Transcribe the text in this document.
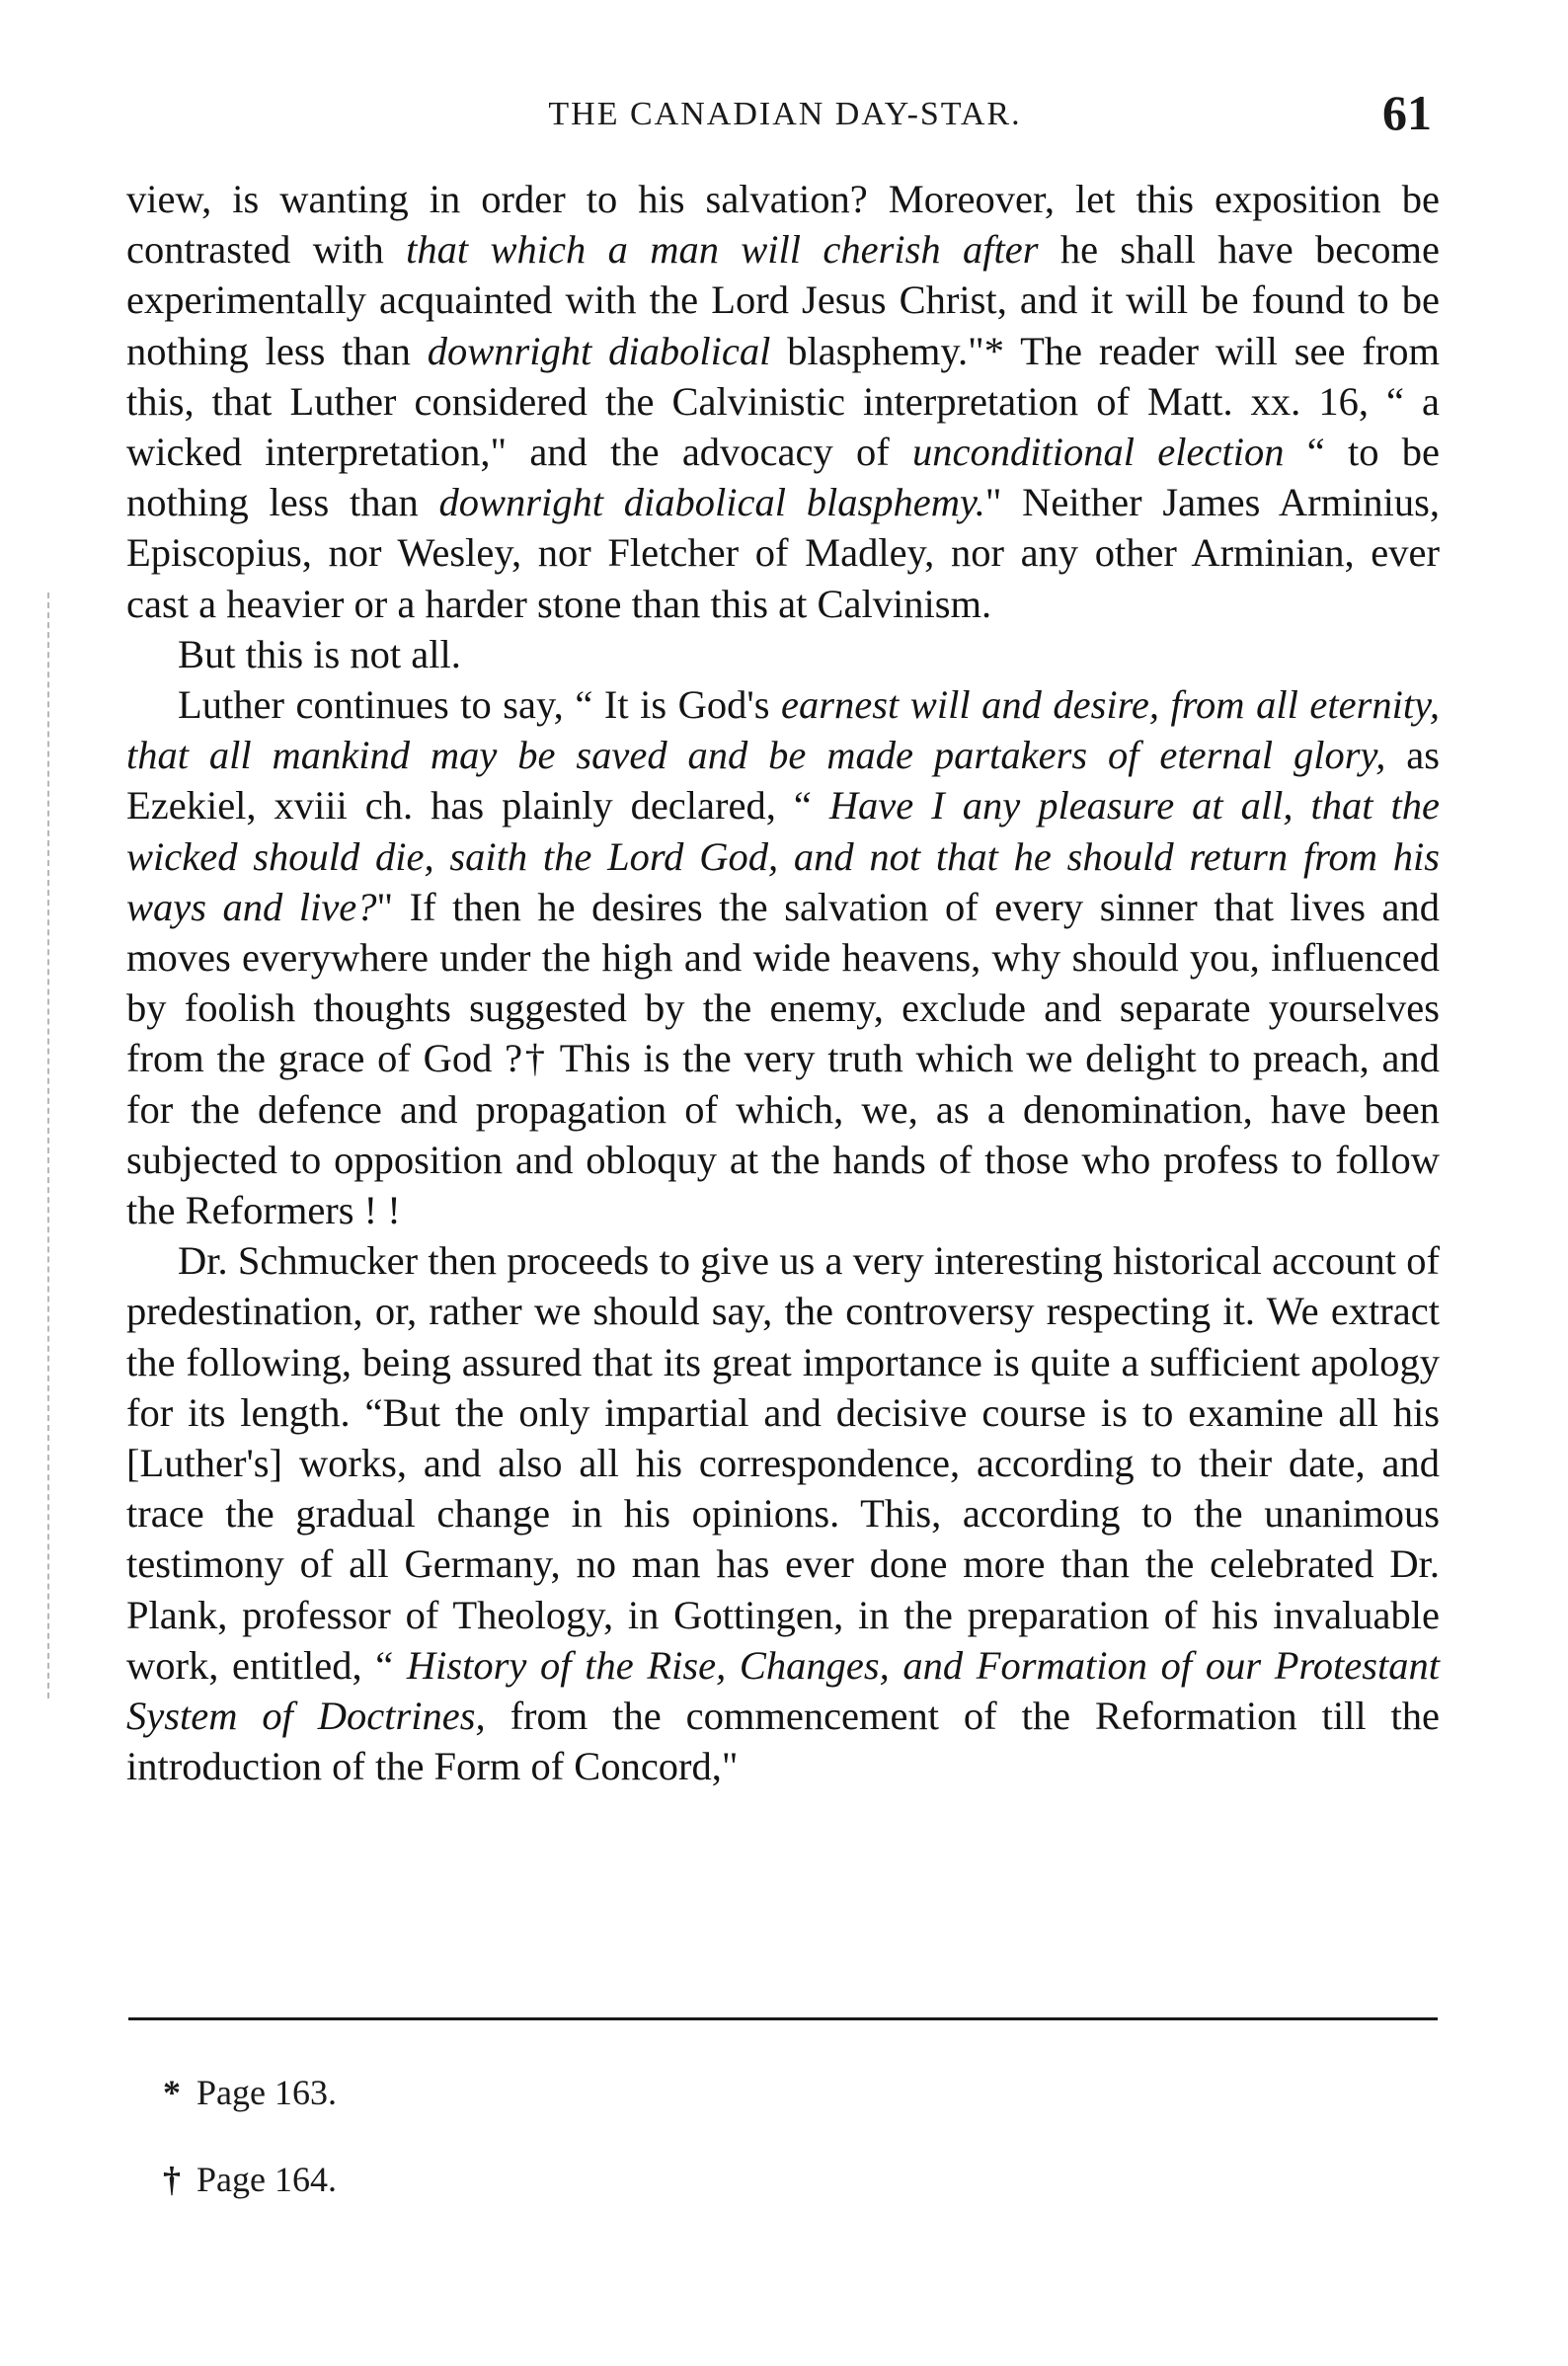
THE CANADIAN DAY-STAR.	61

view, is wanting in order to his salvation? Moreover, let this exposition be contrasted with that which a man will cherish after he shall have become experimentally acquainted with the Lord Jesus Christ, and it will be found to be nothing less than downright diabolical blasphemy."* The reader will see from this, that Luther considered the Calvinistic interpretation of Matt. xx. 16, “ a wicked interpretation," and the advocacy of unconditional election “ to be nothing less than downright diabolical blasphemy." Neither James Arminius, Episcopius, nor Wesley, nor Fletcher of Madley, nor any other Arminian, ever cast a heavier or a harder stone than this at Calvinism.

But this is not all.

Luther continues to say, “ It is God's earnest will and desire, from all eternity, that all mankind may be saved and be made partakers of eternal glory, as Ezekiel, xviii ch. has plainly declared, “ Have I any pleasure at all, that the wicked should die, saith the Lord God, and not that he should return from his ways and live?" If then he desires the salvation of every sinner that lives and moves everywhere under the high and wide heavens, why should you, influenced by foolish thoughts suggested by the enemy, exclude and separate yourselves from the grace of God ?† This is the very truth which we delight to preach, and for the defence and propagation of which, we, as a denomination, have been subjected to opposition and obloquy at the hands of those who profess to follow the Reformers ! !

Dr. Schmucker then proceeds to give us a very interesting historical account of predestination, or, rather we should say, the controversy respecting it. We extract the following, being assured that its great importance is quite a sufficient apology for its length. “But the only impartial and decisive course is to examine all his [Luther's] works, and also all his correspondence, according to their date, and trace the gradual change in his opinions. This, according to the unanimous testimony of all Germany, no man has ever done more than the celebrated Dr. Plank, professor of Theology, in Gottingen, in the preparation of his invaluable work, entitled, “ History of the Rise, Changes, and Formation of our Protestant System of Doctrines, from the commencement of the Reformation till the introduction of the Form of Concord,"

* Page 163.
† Page 164.
